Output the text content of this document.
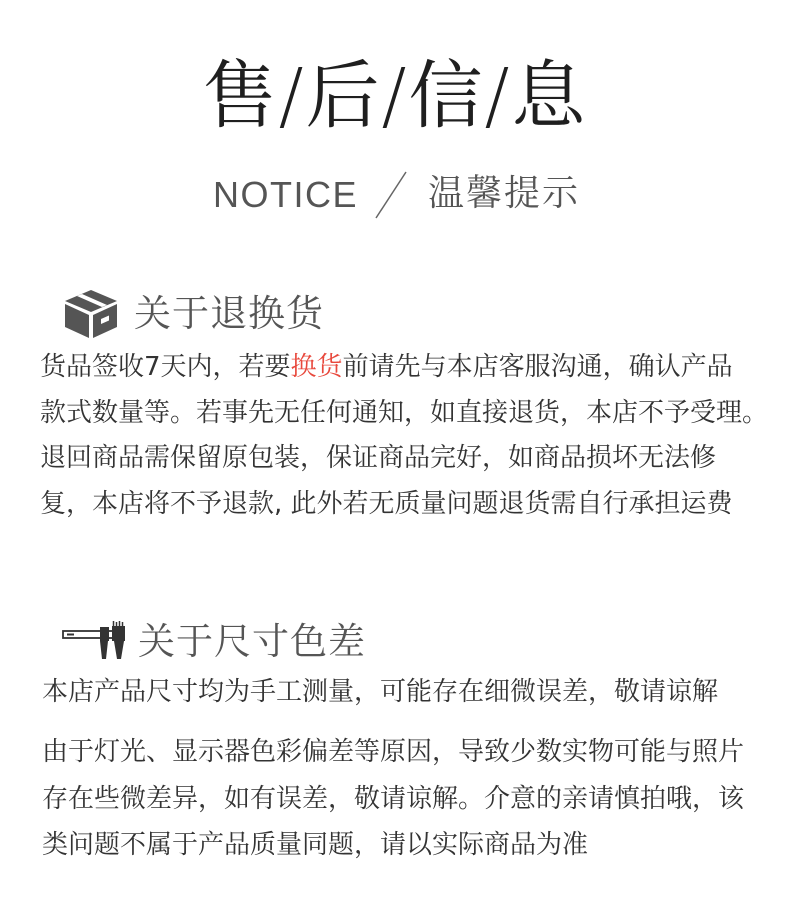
售/后/信/息
NOTICE 温馨提示
关于退换货
货品签收7天内，若要换货前请先与本店客服沟通，确认产品
款式数量等。若事先无任何通知，如直接退货，本店不予受理。
退回商品需保留原包装，保证商品完好，如商品损坏无法修
复，本店将不予退款, 此外若无质量问题退货需自行承担运费
关于尺寸色差
本店产品尺寸均为手工测量，可能存在细微误差，敬请谅解
由于灯光、显示器色彩偏差等原因，导致少数实物可能与照片
存在些微差异，如有误差，敬请谅解。介意的亲请慎拍哦，该
类问题不属于产品质量同题，请以实际商品为准
